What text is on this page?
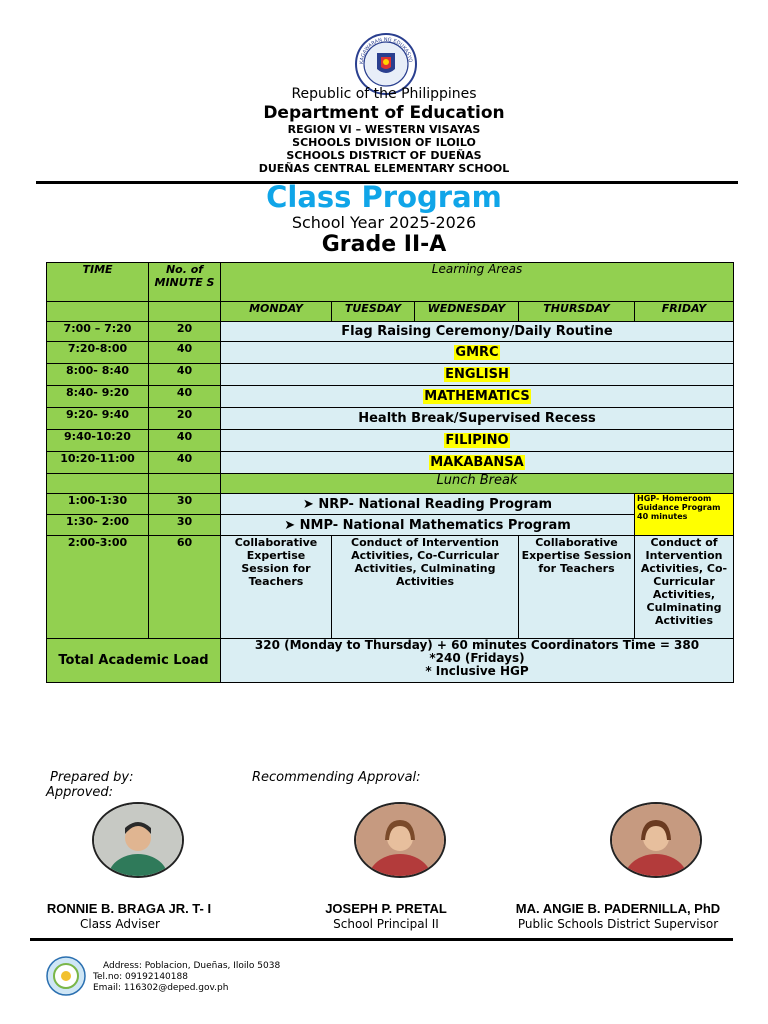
KAGAWARAN NG EDUKASYO
Republic of the Philippines
Department of Education
REGION VI – WESTERN VISAYAS
SCHOOLS DIVISION OF ILOILO
SCHOOLS DISTRICT OF DUEÑAS
DUEÑAS CENTRAL ELEMENTARY SCHOOL
Class Program
School Year 2025-2026
Grade II-A
TIME	No. of MINUTE S	Learning Areas				
		MONDAY	TUESDAY	WEDNESDAY	THURSDAY	FRIDAY
7:00 – 7:20	20	Flag Raising Ceremony/Daily Routine				
7:20-8:00	40	GMRC				
8:00- 8:40	40	ENGLISH				
8:40- 9:20	40	MATHEMATICS				
9:20- 9:40	20	Health Break/Supervised Recess				
9:40-10:20	40	FILIPINO				
10:20-11:00	40	MAKABANSA				
		Lunch Break				
1:00-1:30	30	➤ NRP- National Reading Program				HGP- Homeroom Guidance Program 40 minutes
1:30- 2:00	30	➤ NMP- National Mathematics Program				
2:00-3:00	60	Collaborative Expertise Session for Teachers	Conduct of Intervention Activities, Co-Curricular Activities, Culminating Activities		Collaborative Expertise Session for Teachers	Conduct of Intervention Activities, Co-Curricular Activities, Culminating Activities
Total Academic Load		320 (Monday to Thursday) + 60 minutes Coordinators Time = 380
*240 (Fridays)
* Inclusive HGP				
Prepared by:
Approved:
Recommending Approval:
RONNIE B. BRAGA JR. T- I
Class Adviser
JOSEPH P. PRETAL
School Principal II
MA. ANGIE B. PADERNILLA, PhD
Public Schools District Supervisor
Address: Poblacion, Dueñas, Iloilo 5038
Tel.no: 09192140188
Email: 116302@deped.gov.ph
